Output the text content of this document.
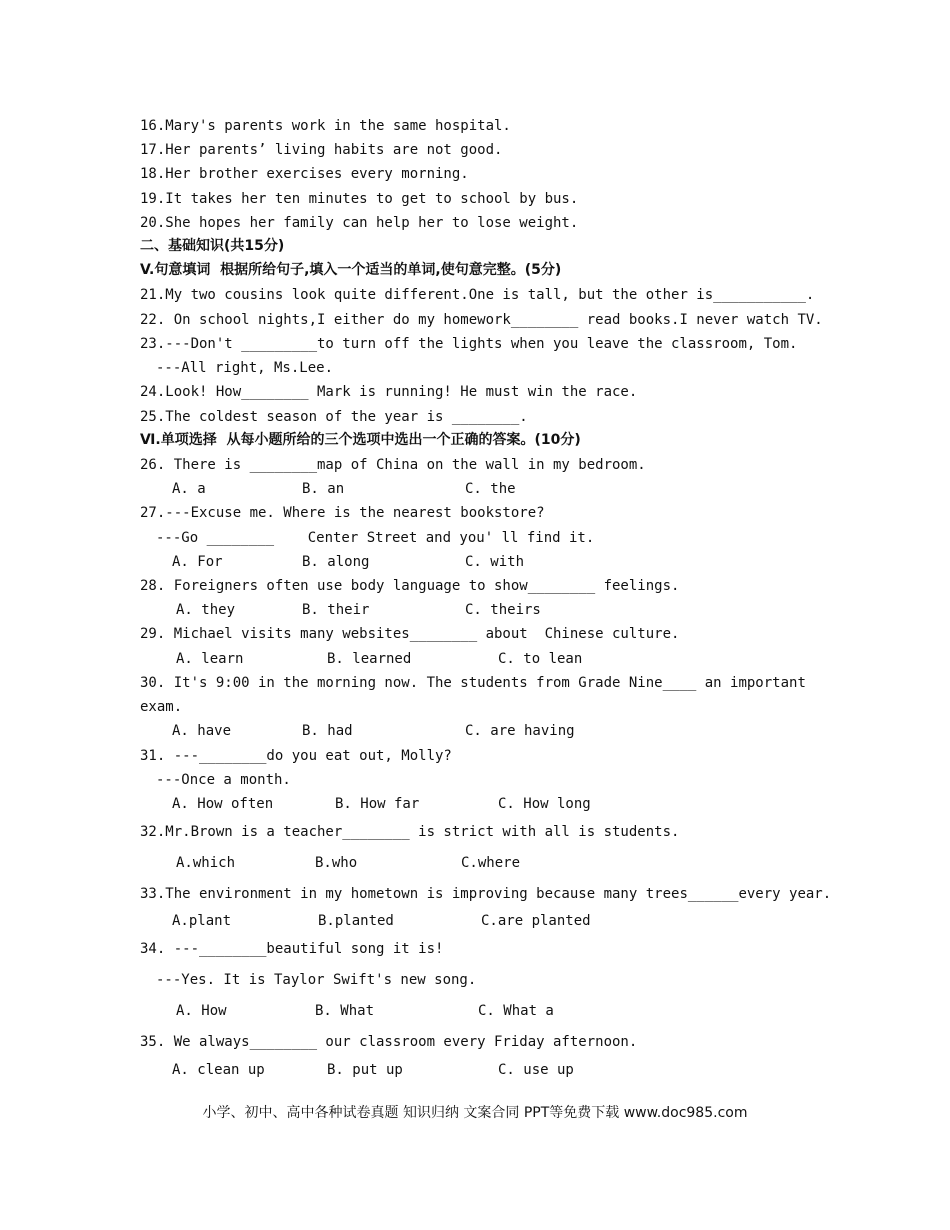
16.Mary's parents work in the same hospital.
17.Her parents’ living habits are not good.
18.Her brother exercises every morning.
19.It takes her ten minutes to get to school by bus.
20.She hopes her family can help her to lose weight.
二、基础知识(共15分)
V.句意填词  根据所给句子,填入一个适当的单词,使句意完整。(5分)
21.My two cousins look quite different.One is tall, but the other is___________.
22. On school nights,I either do my homework________ read books.I never watch TV.
23.---Don't _________to turn off the lights when you leave the classroom, Tom.
---All right, Ms.Lee.
24.Look! How________ Mark is running! He must win the race.
25.The coldest season of the year is ________.
Ⅵ.单项选择  从每小题所给的三个选项中选出一个正确的答案。(10分)
26. There is ________map of China on the wall in my bedroom.
A. a	B. an	C. the
27.---Excuse me. Where is the nearest bookstore?
---Go ________    Center Street and you' ll find it.
A. For	B. along	C. with
28. Foreigners often use body language to show________ feelings.
A. they	B. their	C. theirs
29. Michael visits many websites________ about  Chinese culture.
A. learn	B. learned	C. to lean
30. It's 9:00 in the morning now. The students from Grade Nine____ an important
exam.
A. have	B. had	C. are having
31. ---________do you eat out, Molly?
---Once a month.
A. How often	B. How far	C. How long
32.Mr.Brown is a teacher________ is strict with all is students.
A.which	B.who	C.where
33.The environment in my hometown is improving because many trees______every year.
A.plant	B.planted	C.are planted
34. ---________beautiful song it is!
---Yes. It is Taylor Swift's new song.
A. How	B. What	C. What a
35. We always________ our classroom every Friday afternoon.
A. clean up	B. put up	C. use up
小学、初中、高中各种试卷真题 知识归纳 文案合同 PPT等免费下载 www.doc985.com
